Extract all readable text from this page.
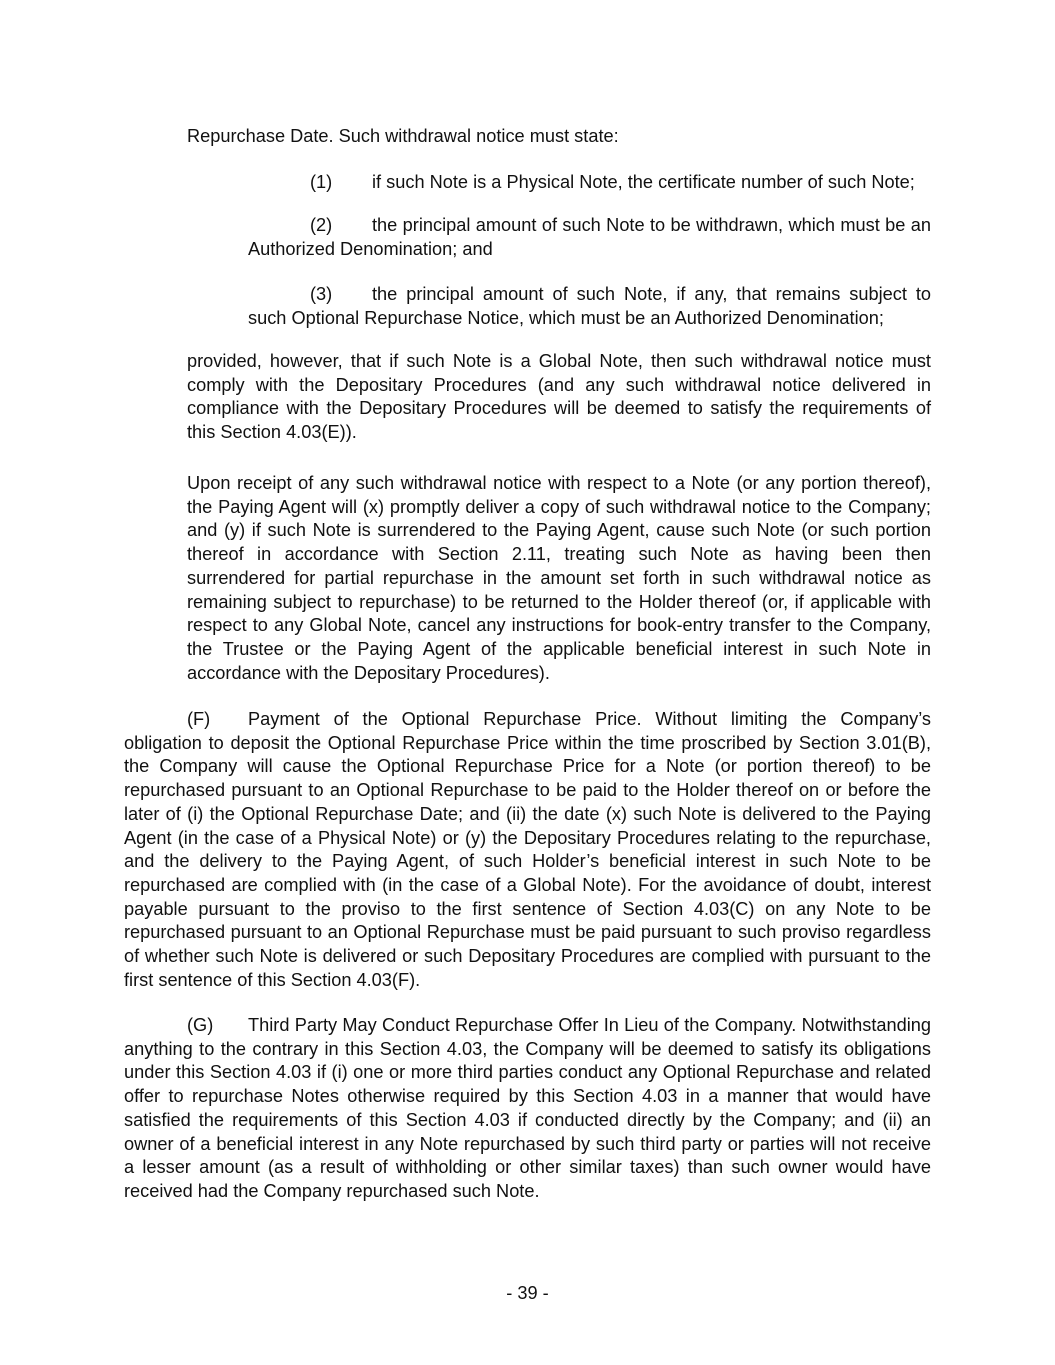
Repurchase Date. Such withdrawal notice must state:

(1) if such Note is a Physical Note, the certificate number of such Note;

(2) the principal amount of such Note to be withdrawn, which must be an Authorized Denomination; and

(3) the principal amount of such Note, if any, that remains subject to such Optional Repurchase Notice, which must be an Authorized Denomination;

provided, however, that if such Note is a Global Note, then such withdrawal notice must comply with the Depositary Procedures (and any such withdrawal notice delivered in compliance with the Depositary Procedures will be deemed to satisfy the requirements of this Section 4.03(E)).

Upon receipt of any such withdrawal notice with respect to a Note (or any portion thereof), the Paying Agent will (x) promptly deliver a copy of such withdrawal notice to the Company; and (y) if such Note is surrendered to the Paying Agent, cause such Note (or such portion thereof in accordance with Section 2.11, treating such Note as having been then surrendered for partial repurchase in the amount set forth in such withdrawal notice as remaining subject to repurchase) to be returned to the Holder thereof (or, if applicable with respect to any Global Note, cancel any instructions for book-entry transfer to the Company, the Trustee or the Paying Agent of the applicable beneficial interest in such Note in accordance with the Depositary Procedures).

(F) Payment of the Optional Repurchase Price. Without limiting the Company’s obligation to deposit the Optional Repurchase Price within the time proscribed by Section 3.01(B), the Company will cause the Optional Repurchase Price for a Note (or portion thereof) to be repurchased pursuant to an Optional Repurchase to be paid to the Holder thereof on or before the later of (i) the Optional Repurchase Date; and (ii) the date (x) such Note is delivered to the Paying Agent (in the case of a Physical Note) or (y) the Depositary Procedures relating to the repurchase, and the delivery to the Paying Agent, of such Holder’s beneficial interest in such Note to be repurchased are complied with (in the case of a Global Note). For the avoidance of doubt, interest payable pursuant to the proviso to the first sentence of Section 4.03(C) on any Note to be repurchased pursuant to an Optional Repurchase must be paid pursuant to such proviso regardless of whether such Note is delivered or such Depositary Procedures are complied with pursuant to the first sentence of this Section 4.03(F).

(G) Third Party May Conduct Repurchase Offer In Lieu of the Company. Notwithstanding anything to the contrary in this Section 4.03, the Company will be deemed to satisfy its obligations under this Section 4.03 if (i) one or more third parties conduct any Optional Repurchase and related offer to repurchase Notes otherwise required by this Section 4.03 in a manner that would have satisfied the requirements of this Section 4.03 if conducted directly by the Company; and (ii) an owner of a beneficial interest in any Note repurchased by such third party or parties will not receive a lesser amount (as a result of withholding or other similar taxes) than such owner would have received had the Company repurchased such Note.

- 39 -
